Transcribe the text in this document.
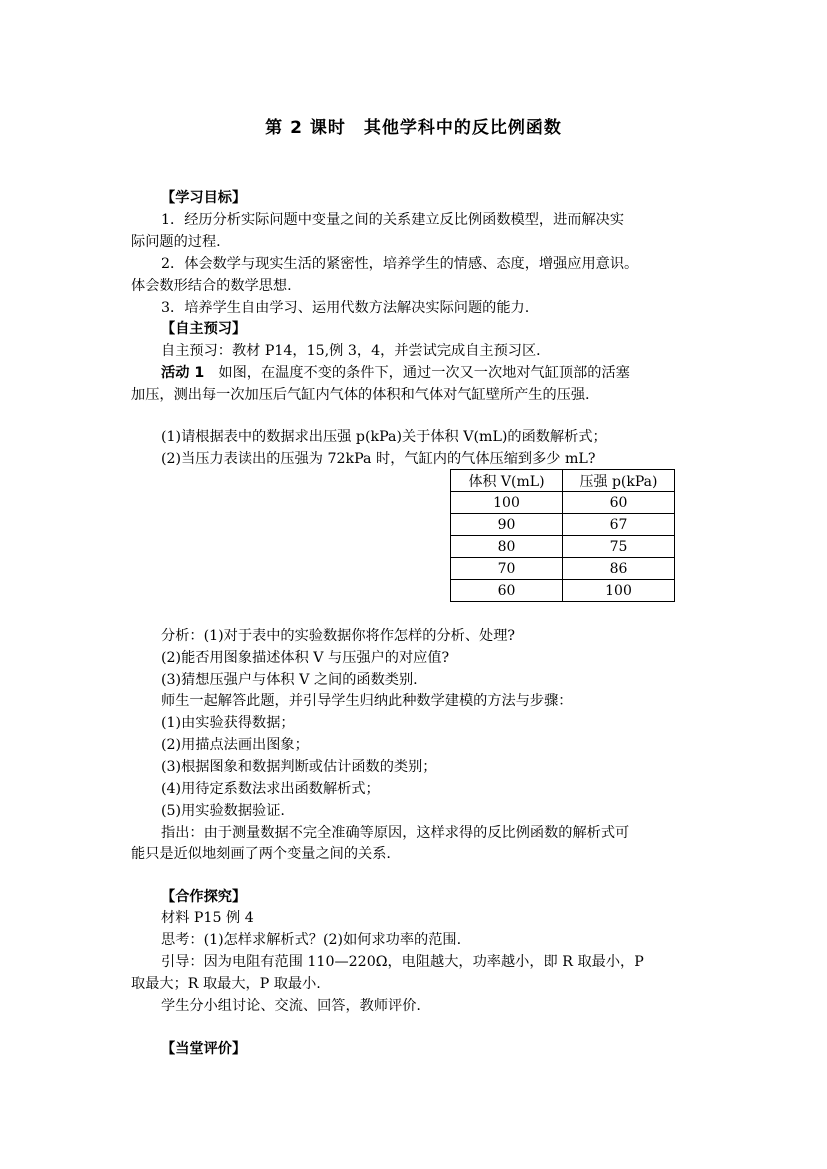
第 2 课时　其他学科中的反比例函数
【学习目标】
1．经历分析实际问题中变量之间的关系建立反比例函数模型，进而解决实
际问题的过程.
2．体会数学与现实生活的紧密性，培养学生的情感、态度，增强应用意识。
体会数形结合的数学思想.
3．培养学生自由学习、运用代数方法解决实际问题的能力.
【自主预习】
自主预习：教材 P14，15,例 3，4，并尝试完成自主预习区．
活动 1　如图，在温度不变的条件下，通过一次又一次地对气缸顶部的活塞
加压，测出每一次加压后气缸内气体的体积和气体对气缸壁所产生的压强.
(1)请根据表中的数据求出压强 p(kPa)关于体积 V(mL)的函数解析式；
(2)当压力表读出的压强为 72kPa 时，气缸内的气体压缩到多少 mL?
体积 V(mL)	压强 p(kPa)
100	60
90	67
80	75
70	86
60	100
分析：(1)对于表中的实验数据你将作怎样的分析、处理?
(2)能否用图象描述体积 V 与压强户的对应值?
(3)猜想压强户与体积 V 之间的函数类别.
师生一起解答此题，并引导学生归纳此种数学建模的方法与步骤：
(1)由实验获得数据；
(2)用描点法画出图象；
(3)根据图象和数据判断或估计函数的类别；
(4)用待定系数法求出函数解析式；
(5)用实验数据验证.
指出：由于测量数据不完全准确等原因，这样求得的反比例函数的解析式可
能只是近似地刻画了两个变量之间的关系.
【合作探究】
材料 P15 例 4
思考：(1)怎样求解析式？(2)如何求功率的范围.
引导：因为电阻有范围 110—220Ω，电阻越大，功率越小，即 R 取最小，P
取最大；R 取最大，P 取最小.
学生分小组讨论、交流、回答，教师评价.
【当堂评价】
